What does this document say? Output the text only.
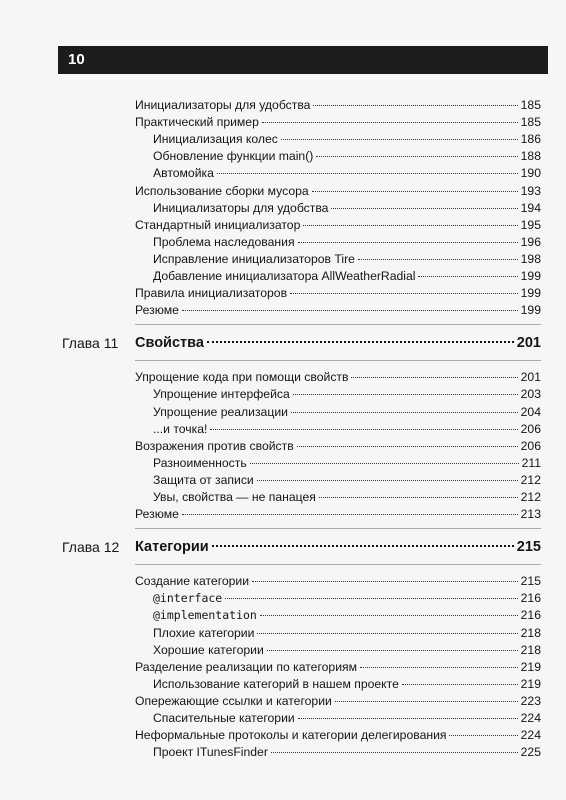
10
Инициализаторы для удобства	185
Практический пример	185
Инициализация колес	186
Обновление функции main()	188
Автомойка	190
Использование сборки мусора	193
Инициализаторы для удобства	194
Стандартный инициализатор	195
Проблема наследования	196
Исправление инициализаторов Tire	198
Добавление инициализатора AllWeatherRadial	199
Правила инициализаторов	199
Резюме	199
Глава 11 Свойства	201
Упрощение кода при помощи свойств	201
Упрощение интерфейса	203
Упрощение реализации	204
...и точка!	206
Возражения против свойств	206
Разноименность	211
Защита от записи	212
Увы, свойства — не панацея	212
Резюме	213
Глава 12 Категории	215
Создание категории	215
@interface	216
@implementation	216
Плохие категории	218
Хорошие категории	218
Разделение реализации по категориям	219
Использование категорий в нашем проекте	219
Опережающие ссылки и категории	223
Спасительные категории	224
Неформальные протоколы и категории делегирования	224
Проект ITunesFinder	225
